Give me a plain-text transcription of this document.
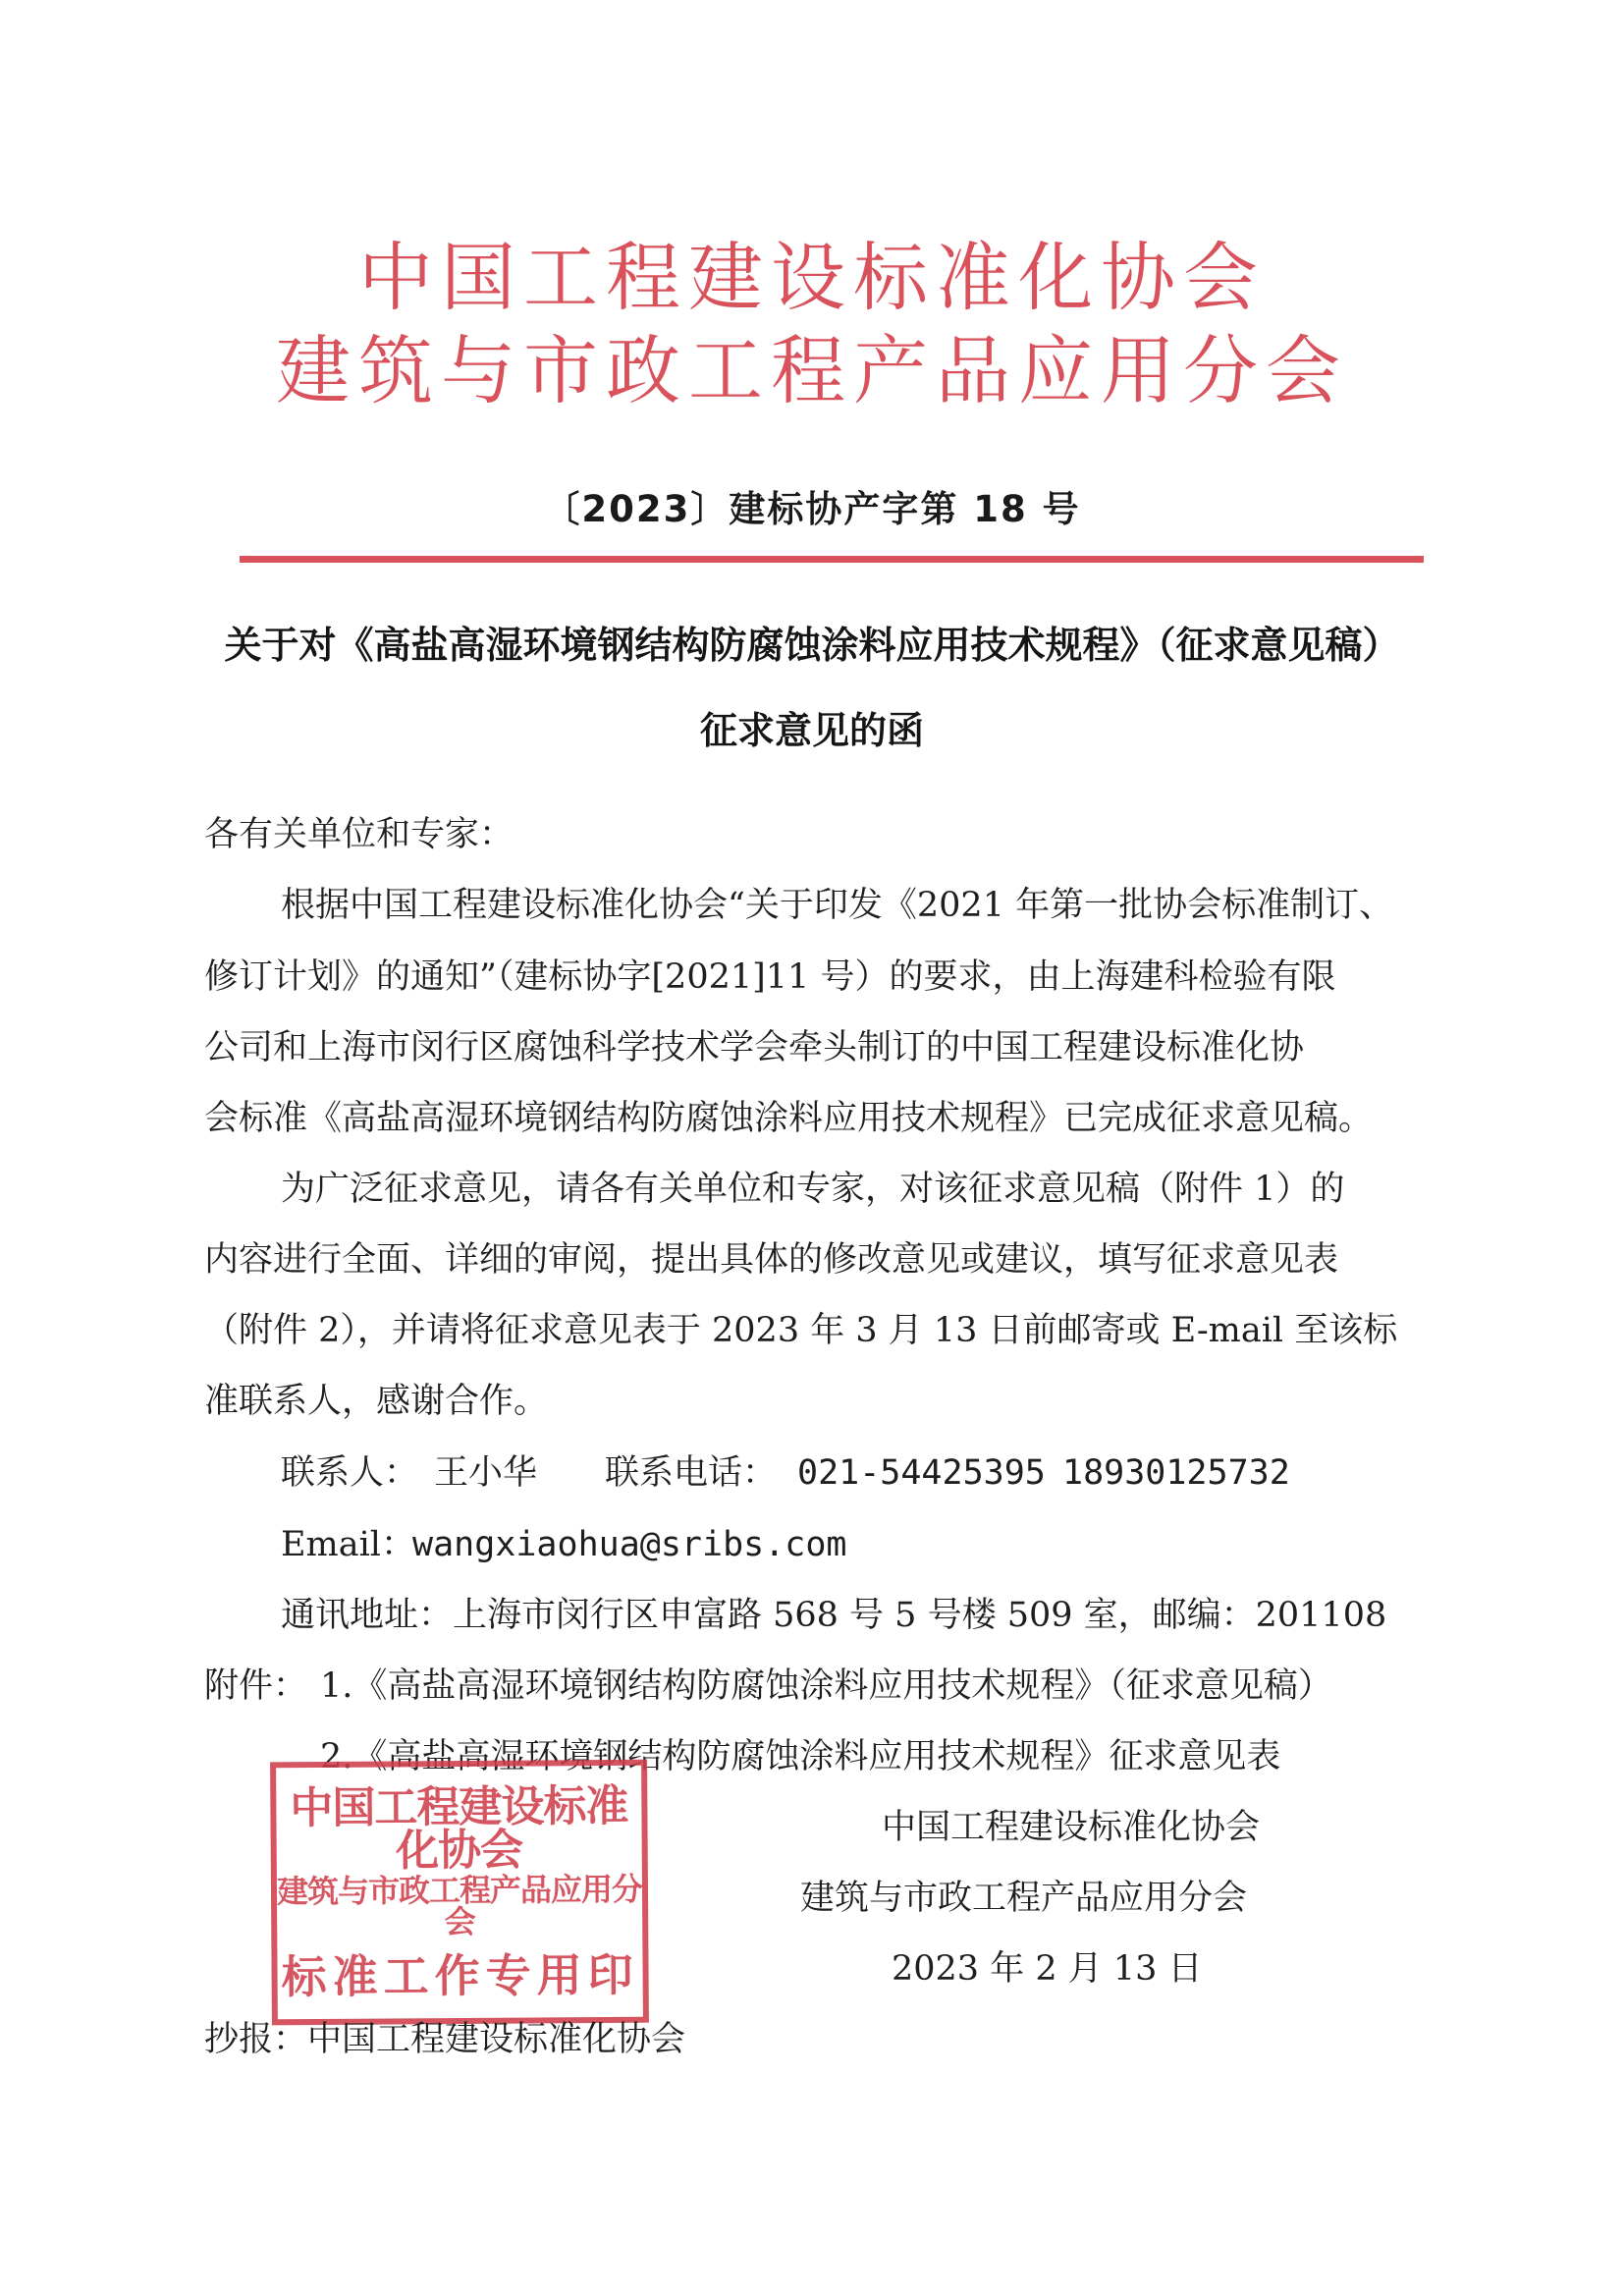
中国工程建设标准化协会
建筑与市政工程产品应用分会
〔2023〕建标协产字第 18 号
关于对《高盐高湿环境钢结构防腐蚀涂料应用技术规程》（征求意见稿）
征求意见的函
各有关单位和专家：
根据中国工程建设标准化协会“关于印发《2021 年第一批协会标准制订、
修订计划》的通知”（建标协字[2021]11 号）的要求，由上海建科检验有限
公司和上海市闵行区腐蚀科学技术学会牵头制订的中国工程建设标准化协
会标准《高盐高湿环境钢结构防腐蚀涂料应用技术规程》已完成征求意见稿。
为广泛征求意见，请各有关单位和专家，对该征求意见稿（附件 1）的
内容进行全面、详细的审阅，提出具体的修改意见或建议，填写征求意见表
（附件 2），并请将征求意见表于 2023 年 3 月 13 日前邮寄或 E-mail 至该标
准联系人，感谢合作。
联系人： 王小华 联系电话： 021-54425395 18930125732
Email：
wangxiaohua@sribs.com
通讯地址：上海市闵行区申富路 568 号 5 号楼 509 室，邮编：201108
附件： 1.《高盐高湿环境钢结构防腐蚀涂料应用技术规程》（征求意见稿）
2.《高盐高湿环境钢结构防腐蚀涂料应用技术规程》征求意见表
中国工程建设标准化协会
建筑与市政工程产品应用分会
2023 年 2 月 13 日
中国工程建设标准化协会
建筑与市政工程产品应用分会
标准工作专用印
抄报：中国工程建设标准化协会
